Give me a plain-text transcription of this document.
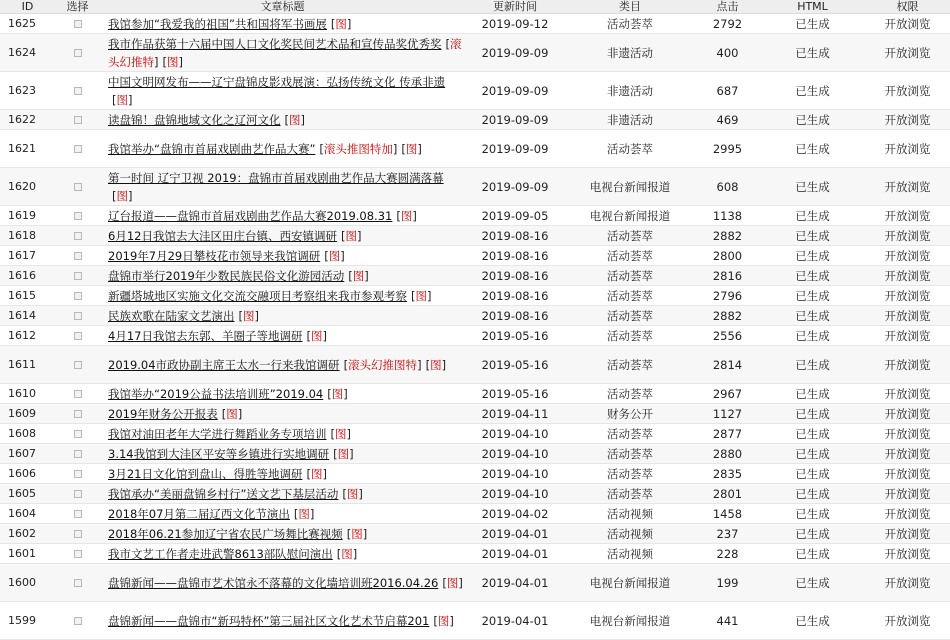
ID	选择	文章标题	更新时间	类目	点击	HTML	权限
1625		我馆参加“我爱我的祖国”共和国将军书画展 [图]	2019-09-12	活动荟萃	2792	已生成	开放浏览
1624		我市作品获第十六届中国人口文化奖民间艺术品和宣传品奖优秀奖 [滚头幻推特] [图]	2019-09-09	非遗活动	400	已生成	开放浏览
1623		中国文明网发布——辽宁盘锦皮影戏展演：弘扬传统文化 传承非遗[图]	2019-09-09	非遗活动	687	已生成	开放浏览
1622		读盘锦！盘锦地域文化之辽河文化 [图]	2019-09-09	非遗活动	469	已生成	开放浏览
1621		我馆举办“盘锦市首届戏剧曲艺作品大赛” [滚头推图特加] [图]	2019-09-09	活动荟萃	2995	已生成	开放浏览
1620		第一时间 辽宁卫视 2019：盘锦市首届戏剧曲艺作品大赛圆满落幕[图]	2019-09-09	电视台新闻报道	608	已生成	开放浏览
1619		辽台报道——盘锦市首届戏剧曲艺作品大赛2019.08.31 [图]	2019-09-05	电视台新闻报道	1138	已生成	开放浏览
1618		6月12日我馆去大洼区田庄台镇、西安镇调研 [图]	2019-08-16	活动荟萃	2882	已生成	开放浏览
1617		2019年7月29日攀枝花市领导来我馆调研 [图]	2019-08-16	活动荟萃	2800	已生成	开放浏览
1616		盘锦市举行2019年少数民族民俗文化游园活动 [图]	2019-08-16	活动荟萃	2816	已生成	开放浏览
1615		新疆塔城地区实施文化交流交融项目考察组来我市参观考察 [图]	2019-08-16	活动荟萃	2796	已生成	开放浏览
1614		民族欢歌在陆家文艺演出 [图]	2019-08-16	活动荟萃	2882	已生成	开放浏览
1612		4月17日我馆去东郭、羊圈子等地调研 [图]	2019-05-16	活动荟萃	2556	已生成	开放浏览
1611		2019.04市政协副主席王太水一行来我馆调研 [滚头幻推图特] [图]	2019-05-16	活动荟萃	2814	已生成	开放浏览
1610		我馆举办“2019公益书法培训班”2019.04 [图]	2019-05-16	活动荟萃	2967	已生成	开放浏览
1609		2019年财务公开报表 [图]	2019-04-11	财务公开	1127	已生成	开放浏览
1608		我馆对油田老年大学进行舞蹈业务专项培训 [图]	2019-04-10	活动荟萃	2877	已生成	开放浏览
1607		3.14我馆到大洼区平安等乡镇进行实地调研 [图]	2019-04-10	活动荟萃	2880	已生成	开放浏览
1606		3月21日文化馆到盘山、得胜等地调研 [图]	2019-04-10	活动荟萃	2835	已生成	开放浏览
1605		我馆承办“美丽盘锦乡村行”送文艺下基层活动 [图]	2019-04-10	活动荟萃	2801	已生成	开放浏览
1604		2018年07月第二届辽西文化节演出 [图]	2019-04-02	活动视频	1458	已生成	开放浏览
1602		2018年06.21参加辽宁省农民广场舞比赛视频 [图]	2019-04-01	活动视频	237	已生成	开放浏览
1601		我市文艺工作者走进武警8613部队慰问演出 [图]	2019-04-01	活动视频	228	已生成	开放浏览
1600		盘锦新闻——盘锦市艺术馆永不落幕的文化墙培训班2016.04.26 [图]	2019-04-01	电视台新闻报道	199	已生成	开放浏览
1599		盘锦新闻——盘锦市“新玛特杯”第三届社区文化艺术节启幕201 [图]	2019-04-01	电视台新闻报道	441	已生成	开放浏览
